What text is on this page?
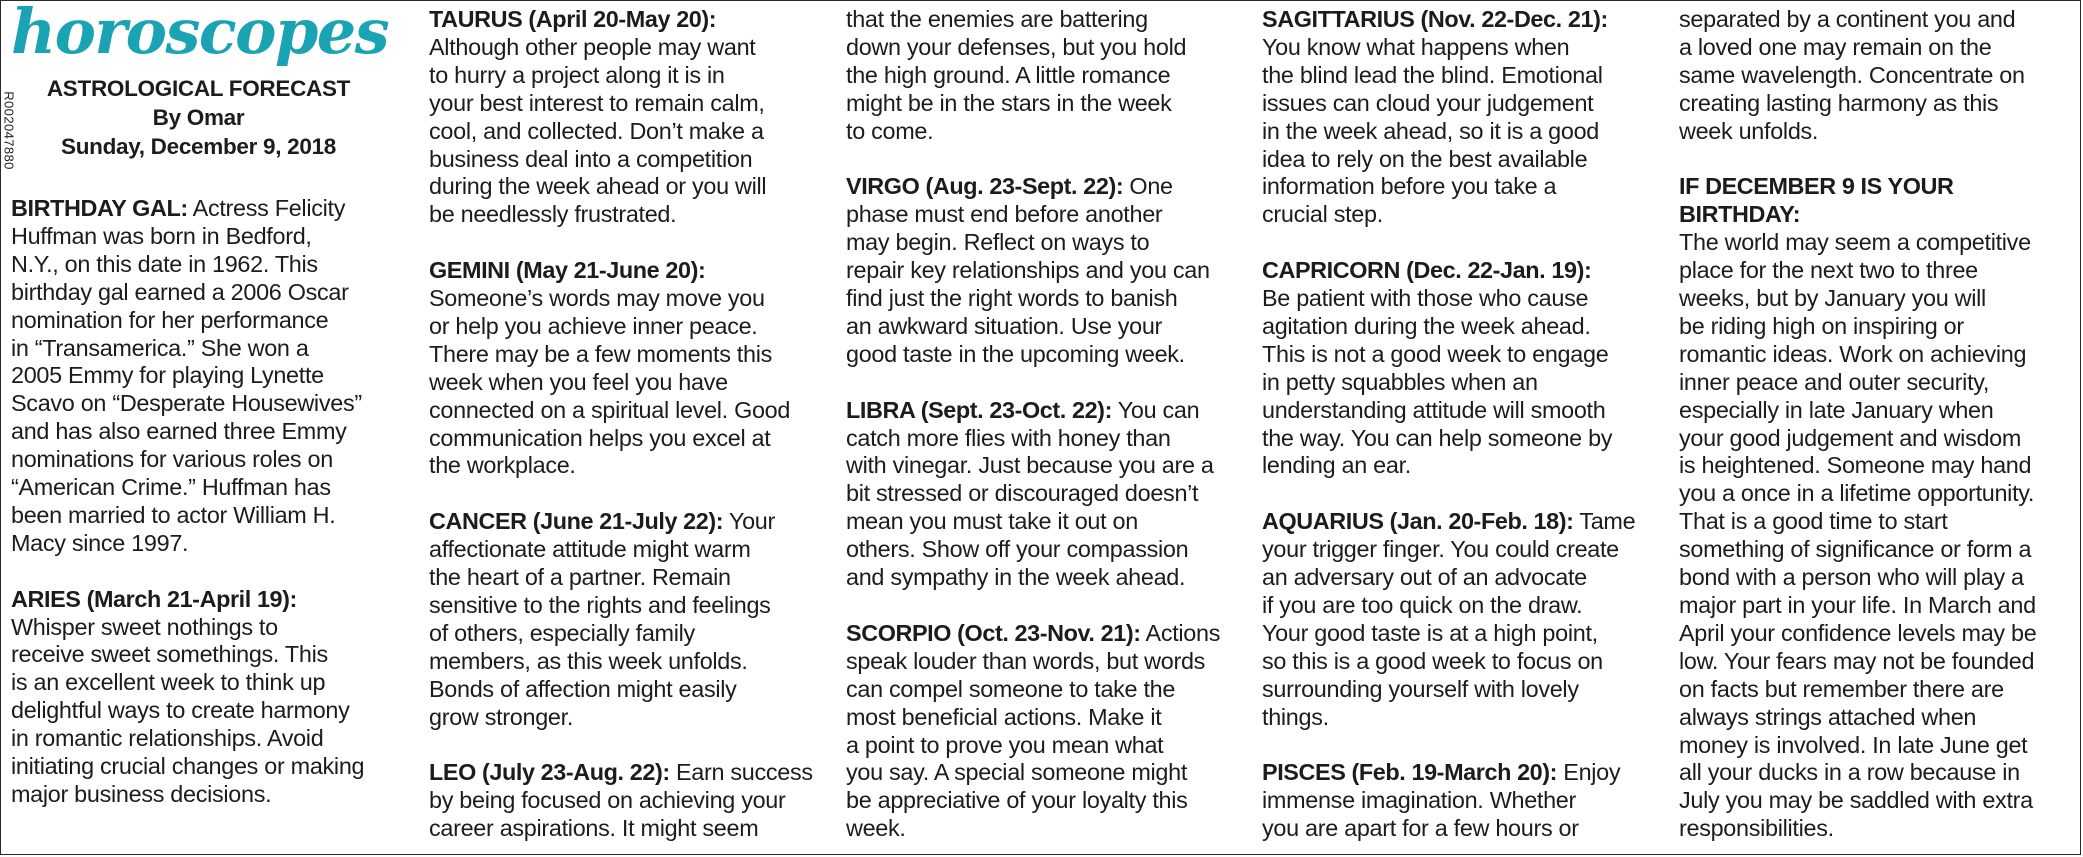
R002047880
horoscopes
ASTROLOGICAL FORECAST
By Omar
Sunday, December 9, 2018

BIRTHDAY GAL: Actress Felicity
Huffman was born in Bedford,
N.Y., on this date in 1962. This
birthday gal earned a 2006 Oscar
nomination for her performance
in “Transamerica.” She won a
2005 Emmy for playing Lynette
Scavo on “Desperate Housewives”
and has also earned three Emmy
nominations for various roles on
“American Crime.” Huffman has
been married to actor William H.
Macy since 1997.

ARIES (March 21-April 19):
Whisper sweet nothings to
receive sweet somethings. This
is an excellent week to think up
delightful ways to create harmony
in romantic relationships. Avoid
initiating crucial changes or making
major business decisions.

TAURUS (April 20-May 20):
Although other people may want
to hurry a project along it is in
your best interest to remain calm,
cool, and collected. Don’t make a
business deal into a competition
during the week ahead or you will
be needlessly frustrated.

GEMINI (May 21-June 20):
Someone’s words may move you
or help you achieve inner peace.
There may be a few moments this
week when you feel you have
connected on a spiritual level. Good
communication helps you excel at
the workplace.

CANCER (June 21-July 22): Your
affectionate attitude might warm
the heart of a partner. Remain
sensitive to the rights and feelings
of others, especially family
members, as this week unfolds.
Bonds of affection might easily
grow stronger.

LEO (July 23-Aug. 22): Earn success
by being focused on achieving your
career aspirations. It might seem

that the enemies are battering
down your defenses, but you hold
the high ground. A little romance
might be in the stars in the week
to come.

VIRGO (Aug. 23-Sept. 22): One
phase must end before another
may begin. Reflect on ways to
repair key relationships and you can
find just the right words to banish
an awkward situation. Use your
good taste in the upcoming week.

LIBRA (Sept. 23-Oct. 22): You can
catch more flies with honey than
with vinegar. Just because you are a
bit stressed or discouraged doesn’t
mean you must take it out on
others. Show off your compassion
and sympathy in the week ahead.

SCORPIO (Oct. 23-Nov. 21): Actions
speak louder than words, but words
can compel someone to take the
most beneficial actions. Make it
a point to prove you mean what
you say. A special someone might
be appreciative of your loyalty this
week.

SAGITTARIUS (Nov. 22-Dec. 21):
You know what happens when
the blind lead the blind. Emotional
issues can cloud your judgement
in the week ahead, so it is a good
idea to rely on the best available
information before you take a
crucial step.

CAPRICORN (Dec. 22-Jan. 19):
Be patient with those who cause
agitation during the week ahead.
This is not a good week to engage
in petty squabbles when an
understanding attitude will smooth
the way. You can help someone by
lending an ear.

AQUARIUS (Jan. 20-Feb. 18): Tame
your trigger finger. You could create
an adversary out of an advocate
if you are too quick on the draw.
Your good taste is at a high point,
so this is a good week to focus on
surrounding yourself with lovely
things.

PISCES (Feb. 19-March 20): Enjoy
immense imagination. Whether
you are apart for a few hours or

separated by a continent you and
a loved one may remain on the
same wavelength. Concentrate on
creating lasting harmony as this
week unfolds.

IF DECEMBER 9 IS YOUR BIRTHDAY:
The world may seem a competitive
place for the next two to three
weeks, but by January you will
be riding high on inspiring or
romantic ideas. Work on achieving
inner peace and outer security,
especially in late January when
your good judgement and wisdom
is heightened. Someone may hand
you a once in a lifetime opportunity.
That is a good time to start
something of significance or form a
bond with a person who will play a
major part in your life. In March and
April your confidence levels may be
low. Your fears may not be founded
on facts but remember there are
always strings attached when
money is involved. In late June get
all your ducks in a row because in
July you may be saddled with extra
responsibilities.
